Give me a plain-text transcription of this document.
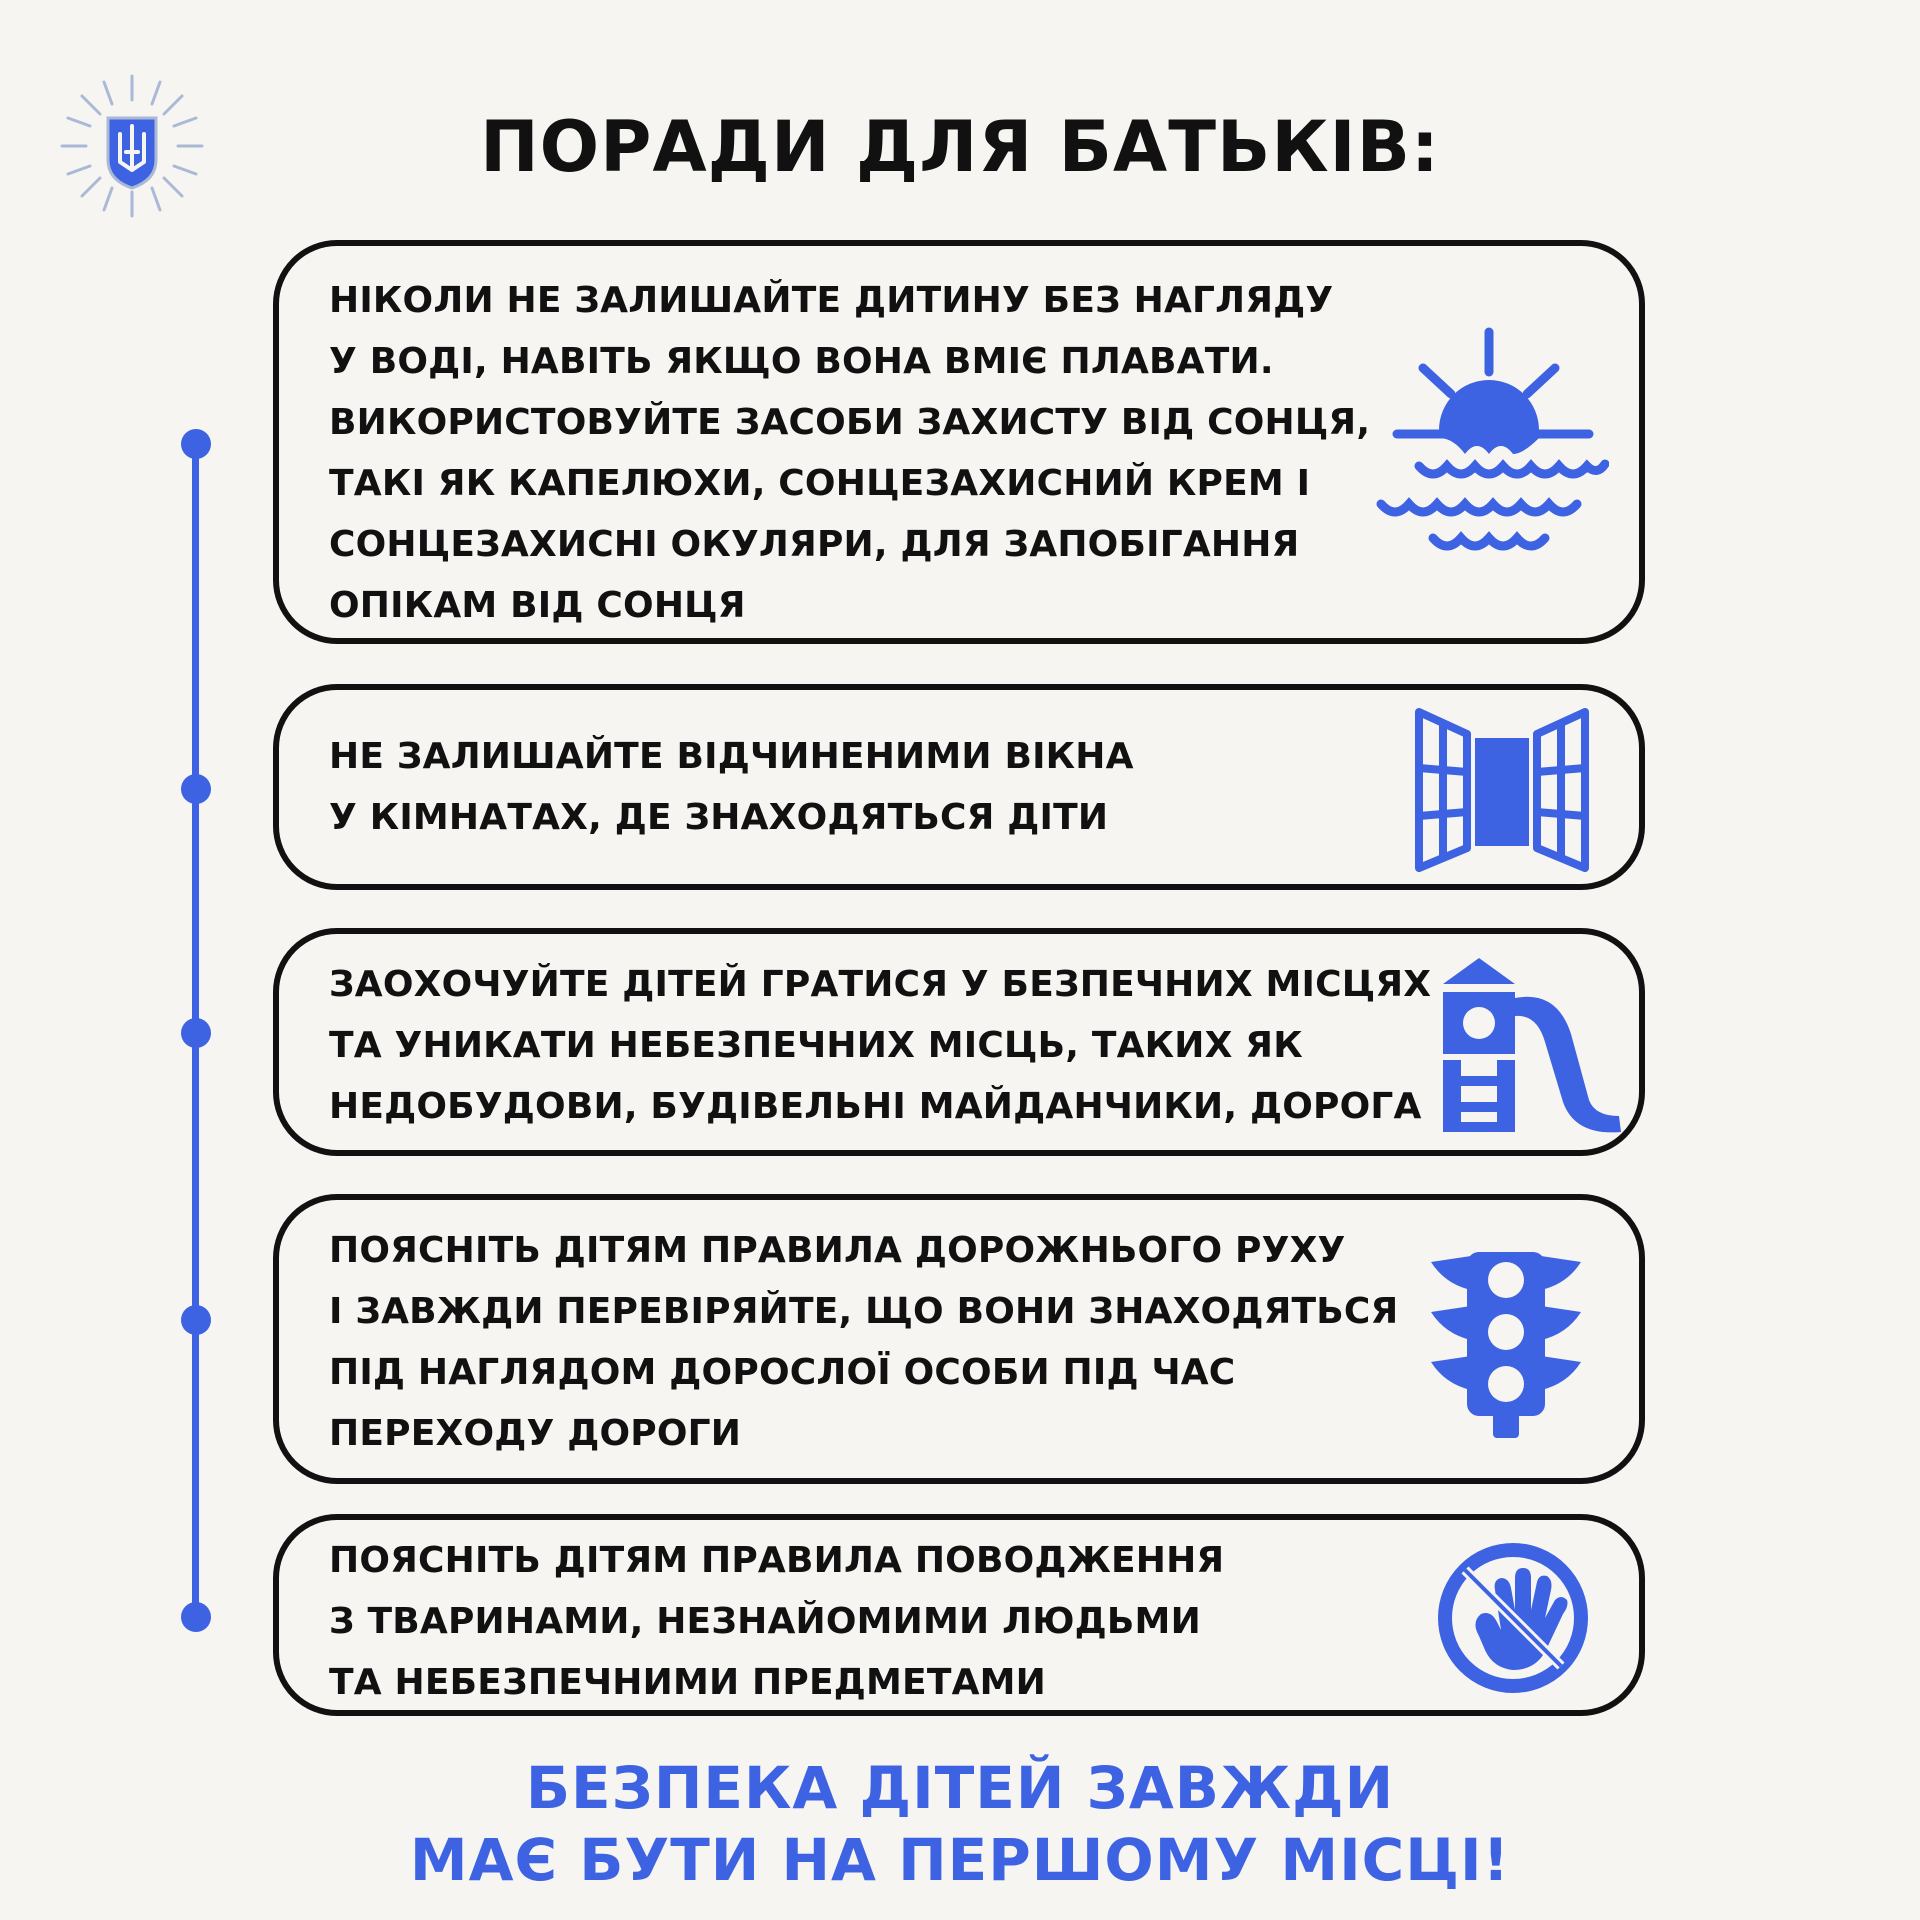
ПОРАДИ ДЛЯ БАТЬКІВ:
НІКОЛИ НЕ ЗАЛИШАЙТЕ ДИТИНУ БЕЗ НАГЛЯДУ
У ВОДІ, НАВІТЬ ЯКЩО ВОНА ВМІЄ ПЛАВАТИ.
ВИКОРИСТОВУЙТЕ ЗАСОБИ ЗАХИСТУ ВІД СОНЦЯ,
ТАКІ ЯК КАПЕЛЮХИ, СОНЦЕЗАХИСНИЙ КРЕМ І
СОНЦЕЗАХИСНІ ОКУЛЯРИ, ДЛЯ ЗАПОБІГАННЯ
ОПІКАМ ВІД СОНЦЯ
НЕ ЗАЛИШАЙТЕ ВІДЧИНЕНИМИ ВІКНА
У КІМНАТАХ, ДЕ ЗНАХОДЯТЬСЯ ДІТИ
ЗАОХОЧУЙТЕ ДІТЕЙ ГРАТИСЯ У БЕЗПЕЧНИХ МІСЦЯХ
ТА УНИКАТИ НЕБЕЗПЕЧНИХ МІСЦЬ, ТАКИХ ЯК
НЕДОБУДОВИ, БУДІВЕЛЬНІ МАЙДАНЧИКИ, ДОРОГА
ПОЯСНІТЬ ДІТЯМ ПРАВИЛА ДОРОЖНЬОГО РУХУ
І ЗАВЖДИ ПЕРЕВІРЯЙТЕ, ЩО ВОНИ ЗНАХОДЯТЬСЯ
ПІД НАГЛЯДОМ ДОРОСЛОЇ ОСОБИ ПІД ЧАС
ПЕРЕХОДУ ДОРОГИ
ПОЯСНІТЬ ДІТЯМ ПРАВИЛА ПОВОДЖЕННЯ
З ТВАРИНАМИ, НЕЗНАЙОМИМИ ЛЮДЬМИ
ТА НЕБЕЗПЕЧНИМИ ПРЕДМЕТАМИ
БЕЗПЕКА ДІТЕЙ ЗАВЖДИ
МАЄ БУТИ НА ПЕРШОМУ МІСЦІ!
